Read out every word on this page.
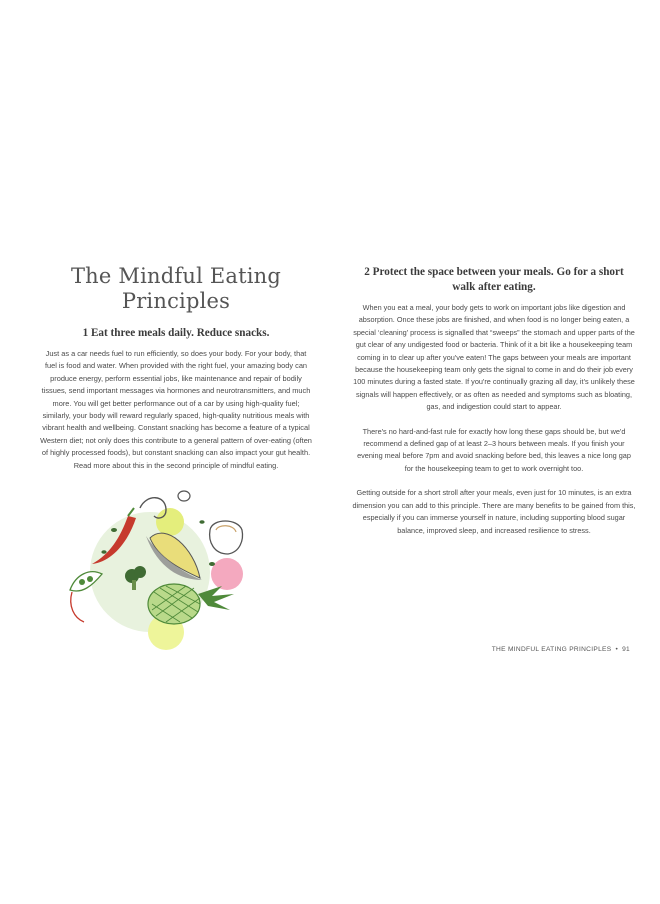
The Mindful Eating Principles
1 Eat three meals daily. Reduce snacks.

Just as a car needs fuel to run efficiently, so does your body. For your body, that fuel is food and water. When provided with the right fuel, your amazing body can produce energy, perform essential jobs, like maintenance and repair of bodily tissues, send important messages via hormones and neurotransmitters, and much more. You will get better performance out of a car by using high-quality fuel; similarly, your body will reward regularly spaced, high-quality nutritious meals with vibrant health and wellbeing. Constant snacking has become a feature of a typical Western diet; not only does this contribute to a general pattern of over-eating (often of highly processed foods), but constant snacking can also impact your gut health. Read more about this in the second principle of mindful eating.

2 Protect the space between your meals. Go for a short walk after eating.

When you eat a meal, your body gets to work on important jobs like digestion and absorption. Once these jobs are finished, and when food is no longer being eaten, a special ‘cleaning’ process is signalled that “sweeps” the stomach and upper parts of the gut clear of any undigested food or bacteria. Think of it a bit like a housekeeping team coming in to clear up after you've eaten! The gaps between your meals are important because the housekeeping team only gets the signal to come in and do their job every 100 minutes during a fasted state. If you're continually grazing all day, it's unlikely these signals will happen effectively, or as often as needed and symptoms such as bloating, gas, and indigestion could start to appear.

There's no hard-and-fast rule for exactly how long these gaps should be, but we'd recommend a defined gap of at least 2–3 hours between meals. If you finish your evening meal before 7pm and avoid snacking before bed, this leaves a nice long gap for the housekeeping team to get to work overnight too.

Getting outside for a short stroll after your meals, even just for 10 minutes, is an extra dimension you can add to this principle. There are many benefits to be gained from this, especially if you can immerse yourself in nature, including supporting blood sugar balance, improved sleep, and increased resilience to stress.

THE MINDFUL EATING PRINCIPLES • 91
